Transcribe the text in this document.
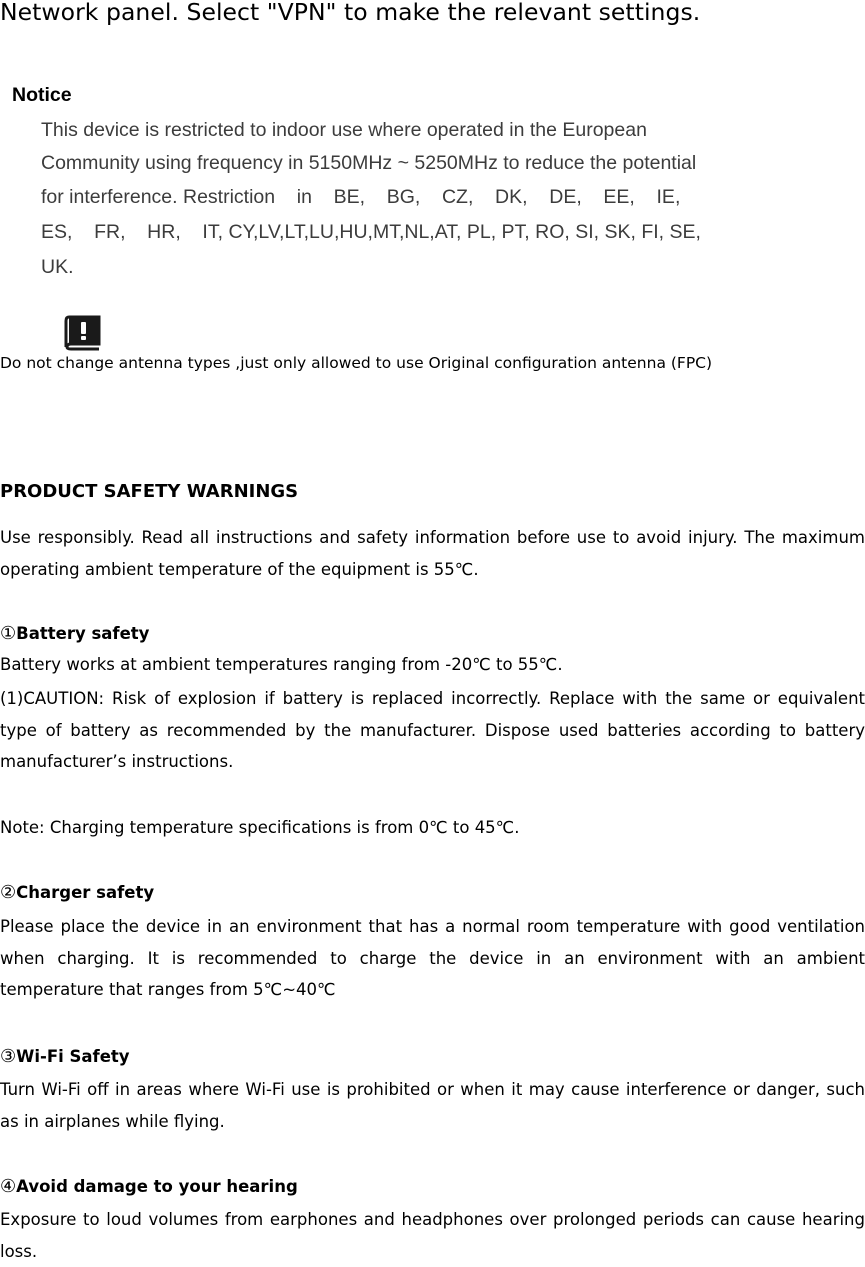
Network panel. Select "VPN" to make the relevant settings.
Notice
This device is restricted to indoor use where operated in the European
Community using frequency in 5150MHz ~ 5250MHz to reduce the potential
for interference. Restriction    in    BE,    BG,    CZ,    DK,    DE,    EE,    IE,
ES,    FR,    HR,    IT, CY,LV,LT,LU,HU,MT,NL,AT, PL, PT, RO, SI, SK, FI, SE,
UK.
Do not change antenna types ,just only allowed to use Original configuration antenna (FPC)
PRODUCT SAFETY WARNINGS
Use responsibly. Read all instructions and safety information before use to avoid injury. The maximum operating ambient temperature of the equipment is 55℃.
①Battery safety
Battery works at ambient temperatures ranging from -20℃ to 55℃.
(1)CAUTION: Risk of explosion if battery is replaced incorrectly. Replace with the same or equivalent type of battery as recommended by the manufacturer. Dispose used batteries according to battery manufacturer’s instructions.
Note: Charging temperature specifications is from 0℃ to 45℃.
②Charger safety
Please place the device in an environment that has a normal room temperature with good ventilation when charging. It is recommended to charge the device in an environment with an ambient temperature that ranges from 5℃~40℃
③Wi-Fi Safety
Turn Wi-Fi off in areas where Wi-Fi use is prohibited or when it may cause interference or danger, such as in airplanes while flying.
④Avoid damage to your hearing
Exposure to loud volumes from earphones and headphones over prolonged periods can cause hearing loss.
